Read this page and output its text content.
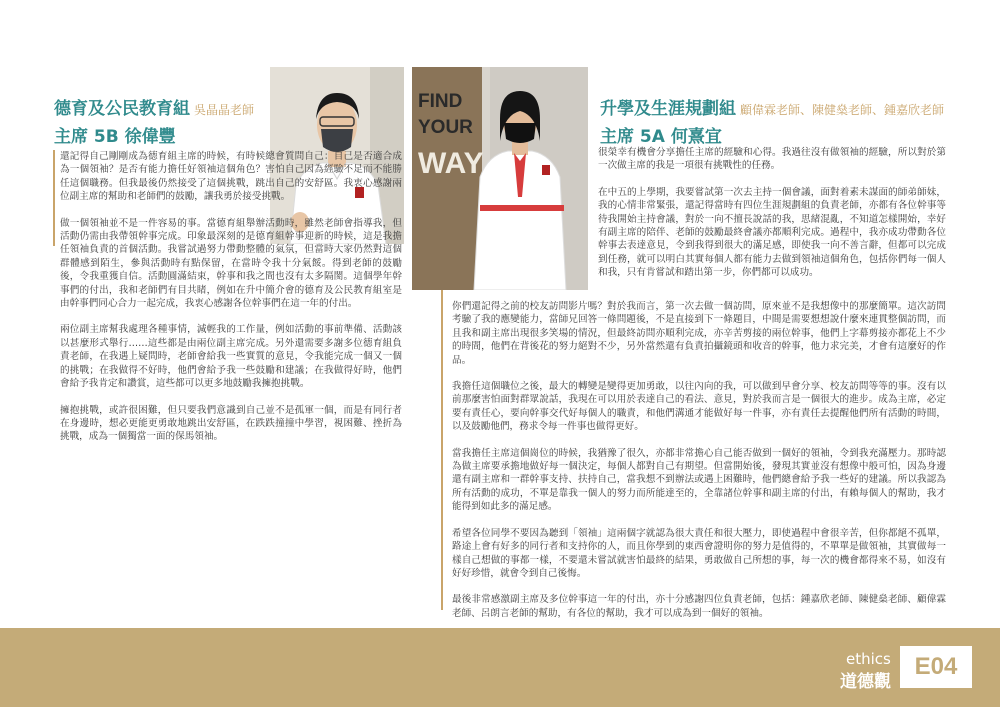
德育及公民教育組 吳晶晶老師
主席 5B 徐偉豐
FIND
YOUR
WAY
升學及生涯規劃組 顧偉霖老師、陳健燊老師、鍾嘉欣老師
主席 5A 何熹宜

還記得自己剛剛成為德育組主席的時候，有時候總會質問自己：自己是否適合成為一個領袖？是否有能力擔任好領袖這個角色？害怕自己因為經驗不足而不能勝任這個職務。但我最後仍然接受了這個挑戰，跳出自己的安舒區。我衷心感謝兩位副主席的幫助和老師們的鼓勵，讓我勇於接受挑戰。

做一個領袖並不是一件容易的事。當德育組舉辦活動時，雖然老師會指導我，但活動仍需由我帶領幹事完成。印象最深刻的是德育組幹事迎新的時候，這是我擔任領袖負責的首個活動。我嘗試過努力帶動整體的氣氛，但當時大家仍然對這個群體感到陌生，參與活動時有點保留，在當時令我十分氣餒。得到老師的鼓勵後，令我重獲自信。活動圓滿結束，幹事和我之間也沒有太多隔閡。這個學年幹事們的付出，我和老師們有目共睹，例如在升中簡介會的德育及公民教育組室是由幹事們同心合力一起完成，我衷心感謝各位幹事們在這一年的付出。

兩位副主席幫我處理各種事情，減輕我的工作量，例如活動的事前準備、活動該以甚麼形式舉行……這些都是由兩位副主席完成。另外還需要多謝多位德育組負責老師，在我遇上疑問時，老師會給我一些實質的意見，令我能完成一個又一個的挑戰；在我做得不好時，他們會給予我一些鼓勵和建議；在我做得好時，他們會給予我肯定和讚賞，這些都可以更多地鼓勵我擁抱挑戰。

擁抱挑戰，或許很困難，但只要我們意識到自己並不是孤軍一個，而是有同行者在身邊時，想必更能更勇敢地跳出安舒區，在跌跌撞撞中學習，視困難、挫折為挑戰，成為一個獨當一面的保馬領袖。

很榮幸有機會分享擔任主席的經驗和心得。我過往沒有做領袖的經驗，所以對於第一次做主席的我是一項很有挑戰性的任務。

在中五的上學期，我要嘗試第一次去主持一個會議，面對着素未謀面的師弟師妹，我的心情非常緊張，還記得當時有四位生涯規劃組的負責老師，亦都有各位幹事等待我開始主持會議，對於一向不擅長說話的我，思緒混亂，不知道怎樣開始，幸好有副主席的陪伴、老師的鼓勵最終會議亦都順利完成。過程中，我亦成功帶動各位幹事去表達意見，令到我得到很大的滿足感，即使我一向不善言辭，但都可以完成到任務，就可以明白其實每個人都有能力去做到領袖這個角色，包括你們每一個人和我，只有肯嘗試和踏出第一步，你們都可以成功。

你們還記得之前的校友訪問影片嗎？對於我而言，第一次去做一個訪問，原來並不是我想像中的那麼簡單。這次訪問考驗了我的應變能力，當師兄回答一條問題後，不是直接到下一條題目，中間是需要想想說什麼來連貫整個訪問，而且我和副主席出現很多笑場的情況，但最終訪問亦順利完成，亦辛苦剪接的兩位幹事，他們上字幕剪接亦都花上不少的時間，他們在背後花的努力絕對不少，另外當然還有負責拍攝鏡頭和收音的幹事，他力求完美，才會有這麼好的作品。

我擔任這個職位之後，最大的轉變是變得更加勇敢，以往內向的我，可以做到早會分享、校友訪問等等的事。沒有以前那麼害怕面對群眾說話，我現在可以用於表達自己的看法、意見，對於我而言是一個很大的進步。成為主席，必定要有責任心，要向幹事交代好每個人的職責，和他們溝通才能做好每一件事，亦有責任去提醒他們所有活動的時間，以及鼓勵他們，務求令每一件事也做得更好。

當我擔任主席這個崗位的時候，我猶豫了很久，亦都非常擔心自己能否做到一個好的領袖，令到我充滿壓力。那時認為做主席要承擔地做好每一個決定，每個人都對自己有期望。但當開始後，發現其實並沒有想像中般可怕，因為身邊還有副主席和一群幹事支持、扶持自己，當我想不到辦法或遇上困難時，他們總會給予我一些好的建議。所以我認為所有活動的成功，不單是靠我一個人的努力而所能達至的，全靠諸位幹事和副主席的付出，有賴每個人的幫助，我才能得到如此多的滿足感。

希望各位同學不要因為聽到「領袖」這兩個字就認為很大責任和很大壓力，即使過程中會很辛苦，但你都絕不孤單，路途上會有好多的同行者和支持你的人，而且你學到的東西會證明你的努力是值得的，不單單是做領袖，其實做每一樣自己想做的事都一樣，不要還未嘗試就害怕最終的結果，勇敢做自己所想的事，每一次的機會都得來不易，如沒有好好珍惜，就會令到自己後悔。

最後非常感激副主席及多位幹事這一年的付出，亦十分感謝四位負責老師，包括：鍾嘉欣老師、陳健燊老師、顧偉霖老師、呂朗言老師的幫助，有各位的幫助，我才可以成為到一個好的領袖。

ethics
道德觀
E04
